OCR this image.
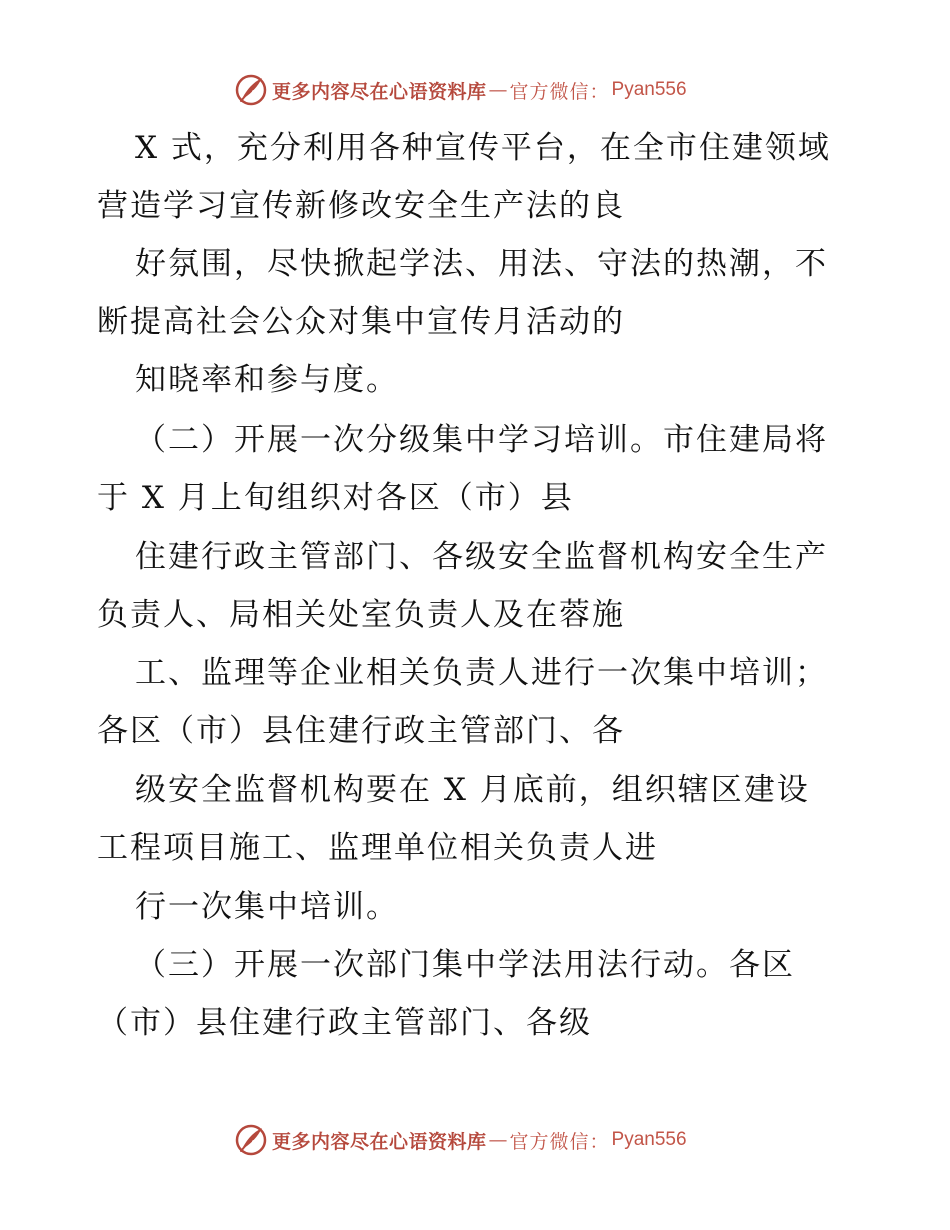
更多内容尽在心语资料库 — 官方微信： Pyan556
X 式，充分利用各种宣传平台，在全市住建领域
营造学习宣传新修改安全生产法的良
好氛围，尽快掀起学法、用法、守法的热潮，不
断提高社会公众对集中宣传月活动的
知晓率和参与度。
（二）开展一次分级集中学习培训。市住建局将
于 X 月上旬组织对各区（市）县
住建行政主管部门、各级安全监督机构安全生产
负责人、局相关处室负责人及在蓉施
工、监理等企业相关负责人进行一次集中培训；
各区（市）县住建行政主管部门、各
级安全监督机构要在 X 月底前，组织辖区建设
工程项目施工、监理单位相关负责人进
行一次集中培训。
（三）开展一次部门集中学法用法行动。各区
（市）县住建行政主管部门、各级
更多内容尽在心语资料库 — 官方微信： Pyan556
